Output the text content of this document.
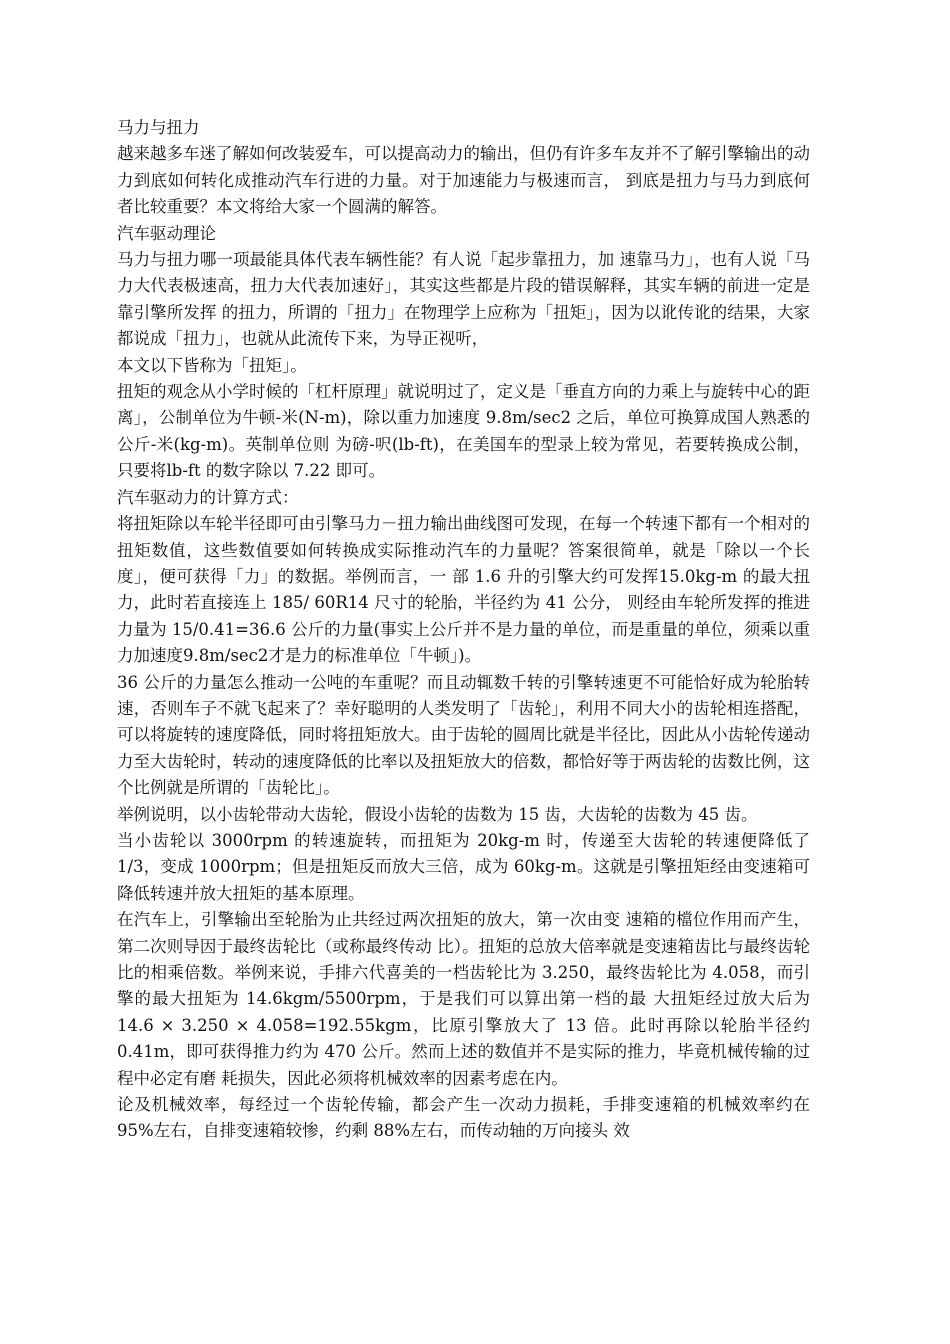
马力与扭力

越来越多车迷了解如何改装爱车，可以提高动力的输出，但仍有许多车友并不了解引擎输出的动力到底如何转化成推动汽车行进的力量。对于加速能力与极速而言， 到底是扭力与马力到底何者比较重要？本文将给大家一个圆满的解答。

汽车驱动理论

马力与扭力哪一项最能具体代表车辆性能？有人说「起步靠扭力，加 速靠马力」，也有人说「马力大代表极速高，扭力大代表加速好」，其实这些都是片段的错误解释，其实车辆的前进一定是靠引擎所发挥 的扭力，所谓的「扭力」在物理学上应称为「扭矩」，因为以讹传讹的结果，大家都说成「扭力」，也就从此流传下来，为导正视听，

本文以下皆称为「扭矩」。

扭矩的观念从小学时候的「杠杆原理」就说明过了，定义是「垂直方向的力乘上与旋转中心的距离」，公制单位为牛顿-米(N-m)，除以重力加速度 9.8m/sec2 之后，单位可换算成国人熟悉的公斤-米(kg-m)。英制单位则 为磅-呎(lb-ft)，在美国车的型录上较为常见，若要转换成公制，只要将lb-ft 的数字除以 7.22 即可。

汽车驱动力的计算方式：

将扭矩除以车轮半径即可由引擎马力－扭力输出曲线图可发现，在每一个转速下都有一个相对的 扭矩数值，这些数值要如何转换成实际推动汽车的力量呢？答案很简单，就是「除以一个长度」，便可获得「力」的数据。举例而言，一 部 1.6 升的引擎大约可发挥15.0kg-m 的最大扭力，此时若直接连上 185/ 60R14 尺寸的轮胎，半径约为 41 公分， 则经由车轮所发挥的推进力量为 15/0.41=36.6 公斤的力量(事实上公斤并不是力量的单位，而是重量的单位，须乘以重力加速度9.8m/sec2才是力的标准单位「牛顿」)。

36 公斤的力量怎么推动一公吨的车重呢？而且动辄数千转的引擎转速更不可能恰好成为轮胎转速，否则车子不就飞起来了？幸好聪明的人类发明了「齿轮」，利用不同大小的齿轮相连搭配，可以将旋转的速度降低，同时将扭矩放大。由于齿轮的圆周比就是半径比，因此从小齿轮传递动力至大齿轮时，转动的速度降低的比率以及扭矩放大的倍数，都恰好等于两齿轮的齿数比例，这个比例就是所谓的「齿轮比」。

举例说明，以小齿轮带动大齿轮，假设小齿轮的齿数为 15 齿，大齿轮的齿数为 45 齿。

当小齿轮以 3000rpm 的转速旋转，而扭矩为 20kg-m 时，传递至大齿轮的转速便降低了 1/3，变成 1000rpm；但是扭矩反而放大三倍，成为 60kg-m。这就是引擎扭矩经由变速箱可降低转速并放大扭矩的基本原理。

在汽车上，引擎输出至轮胎为止共经过两次扭矩的放大，第一次由变 速箱的檔位作用而产生，第二次则导因于最终齿轮比（或称最终传动 比）。扭矩的总放大倍率就是变速箱齿比与最终齿轮比的相乘倍数。举例来说，手排六代喜美的一档齿轮比为 3.250，最终齿轮比为 4.058，而引擎的最大扭矩为 14.6kgm/5500rpm，于是我们可以算出第一档的最 大扭矩经过放大后为 14.6 × 3.250 × 4.058=192.55kgm，比原引擎放大了 13 倍。此时再除以轮胎半径约 0.41m，即可获得推力约为 470 公斤。然而上述的数值并不是实际的推力，毕竟机械传输的过程中必定有磨 耗损失，因此必须将机械效率的因素考虑在内。

论及机械效率，每经过一个齿轮传输，都会产生一次动力损耗，手排变速箱的机械效率约在 95%左右，自排变速箱较惨，约剩 88%左右，而传动轴的万向接头 效
